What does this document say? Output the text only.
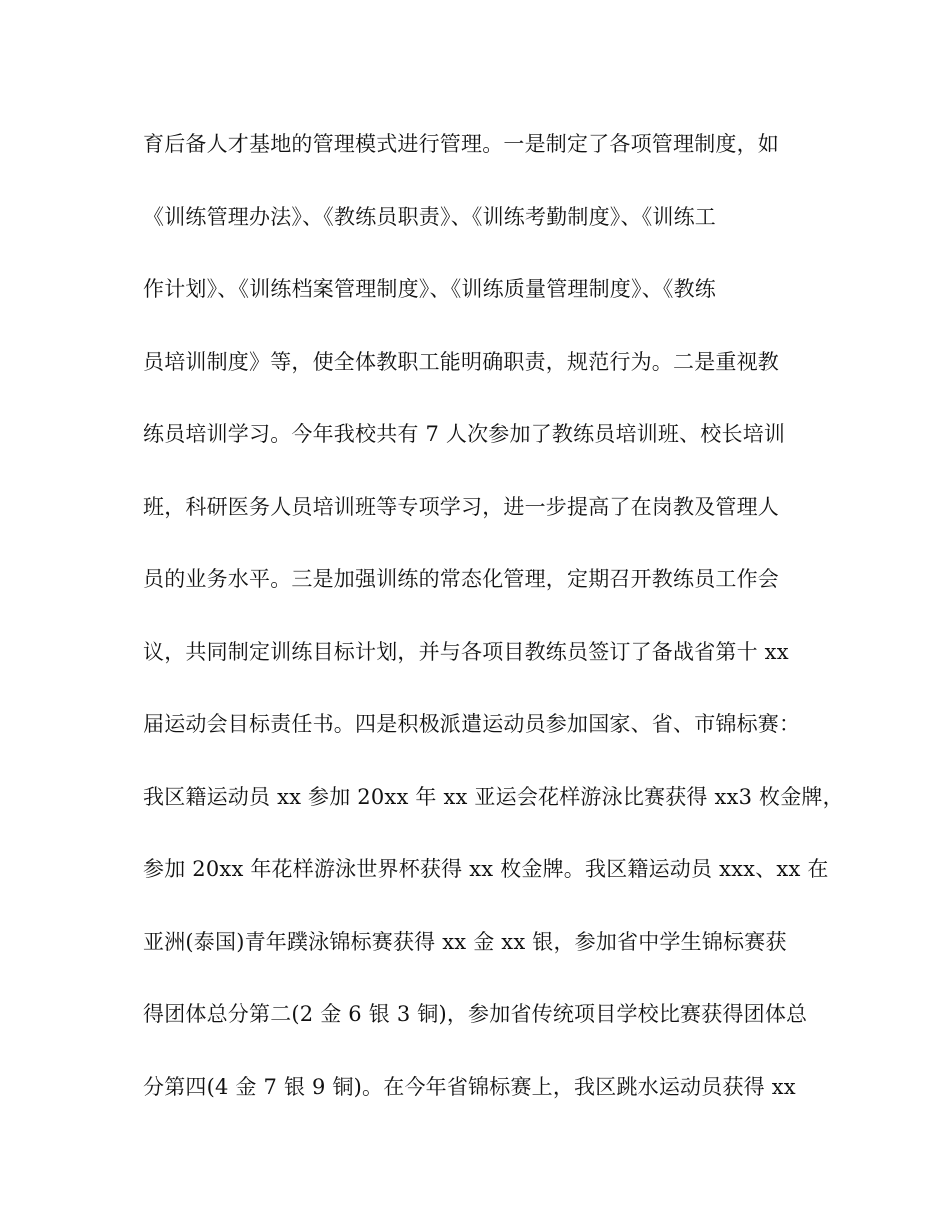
育后备人才基地的管理模式进行管理。一是制定了各项管理制度，如
《训练管理办法》、《教练员职责》、《训练考勤制度》、《训练工
作计划》、《训练档案管理制度》、《训练质量管理制度》、《教练
员培训制度》等，使全体教职工能明确职责，规范行为。二是重视教
练员培训学习。今年我校共有 7 人次参加了教练员培训班、校长培训
班，科研医务人员培训班等专项学习，进一步提高了在岗教及管理人
员的业务水平。三是加强训练的常态化管理，定期召开教练员工作会
议，共同制定训练目标计划，并与各项目教练员签订了备战省第十 xx
届运动会目标责任书。四是积极派遣运动员参加国家、省、市锦标赛：
我区籍运动员 xx 参加 20xx 年 xx 亚运会花样游泳比赛获得 xx3 枚金牌，
参加 20xx 年花样游泳世界杯获得 xx 枚金牌。我区籍运动员 xxx、xx 在
亚洲(泰国)青年蹼泳锦标赛获得 xx 金 xx 银，参加省中学生锦标赛获
得团体总分第二(2 金 6 银 3 铜)，参加省传统项目学校比赛获得团体总
分第四(4 金 7 银 9 铜)。在今年省锦标赛上，我区跳水运动员获得 xx
